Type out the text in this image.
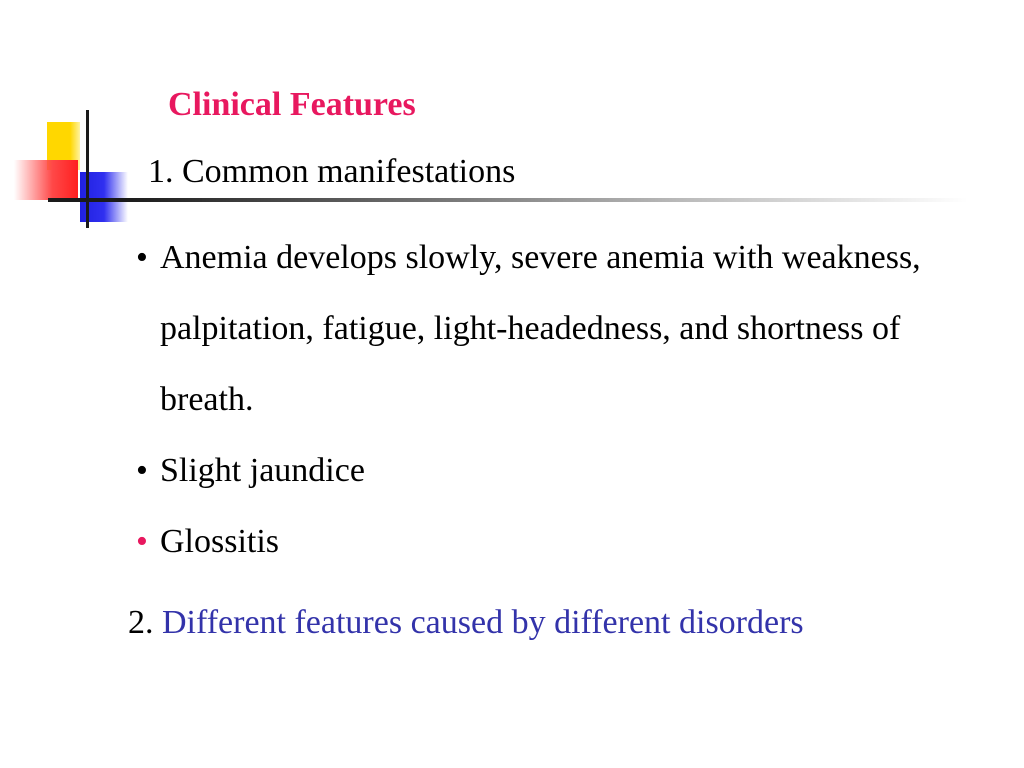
Clinical Features
1. Common manifestations
• Anemia develops slowly, severe anemia with weakness, palpitation, fatigue, light-headedness, and shortness of breath.
• Slight jaundice
• Glossitis
2. Different features caused by different disorders
